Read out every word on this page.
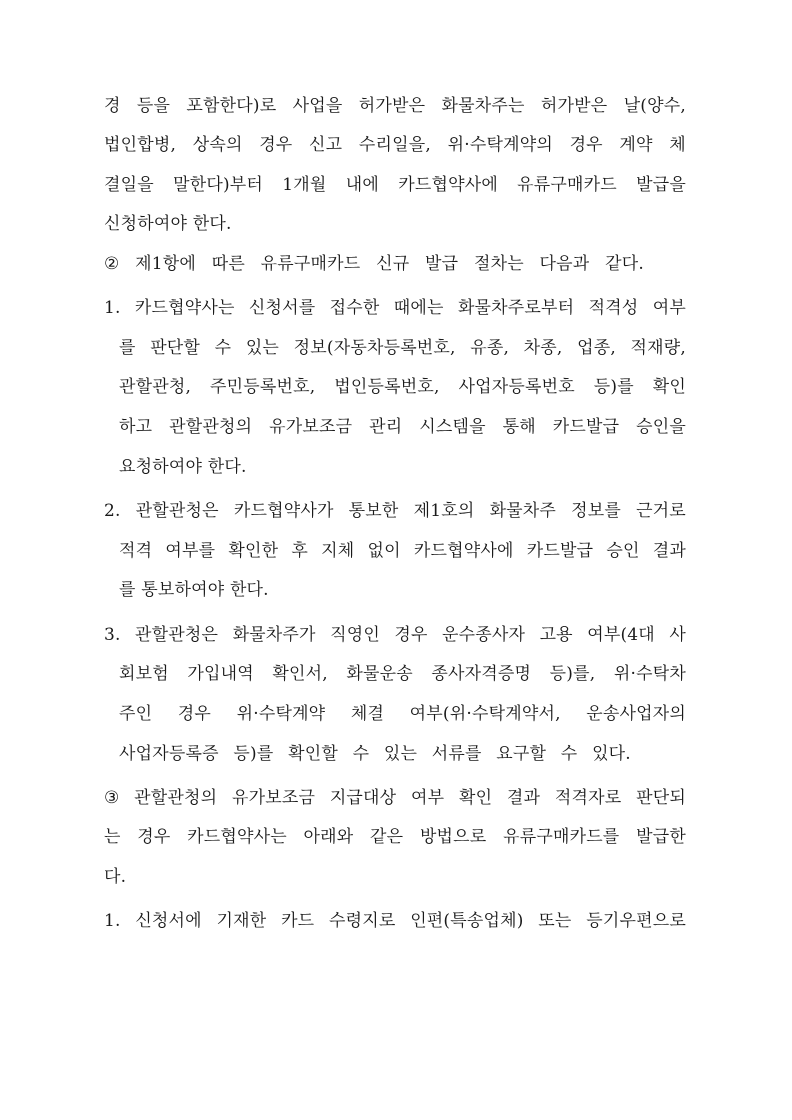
경 등을 포함한다)로 사업을 허가받은 화물차주는 허가받은 날(양수,
법인합병, 상속의 경우 신고 수리일을, 위·수탁계약의 경우 계약 체
결일을 말한다)부터 1개월 내에 카드협약사에 유류구매카드 발급을
신청하여야 한다.
② 제1항에 따른 유류구매카드 신규 발급 절차는 다음과 같다.
1. 카드협약사는 신청서를 접수한 때에는 화물차주로부터 적격성 여부
를 판단할 수 있는 정보(자동차등록번호, 유종, 차종, 업종, 적재량,
관할관청, 주민등록번호, 법인등록번호, 사업자등록번호 등)를 확인
하고 관할관청의 유가보조금 관리 시스템을 통해 카드발급 승인을
요청하여야 한다.
2. 관할관청은 카드협약사가 통보한 제1호의 화물차주 정보를 근거로
적격 여부를 확인한 후 지체 없이 카드협약사에 카드발급 승인 결과
를 통보하여야 한다.
3. 관할관청은 화물차주가 직영인 경우 운수종사자 고용 여부(4대 사
회보험 가입내역 확인서, 화물운송 종사자격증명 등)를, 위·수탁차
주인 경우 위·수탁계약 체결 여부(위·수탁계약서, 운송사업자의
사업자등록증 등)를 확인할 수 있는 서류를 요구할 수 있다.
③ 관할관청의 유가보조금 지급대상 여부 확인 결과 적격자로 판단되
는 경우 카드협약사는 아래와 같은 방법으로 유류구매카드를 발급한
다.
1. 신청서에 기재한 카드 수령지로 인편(특송업체) 또는 등기우편으로
